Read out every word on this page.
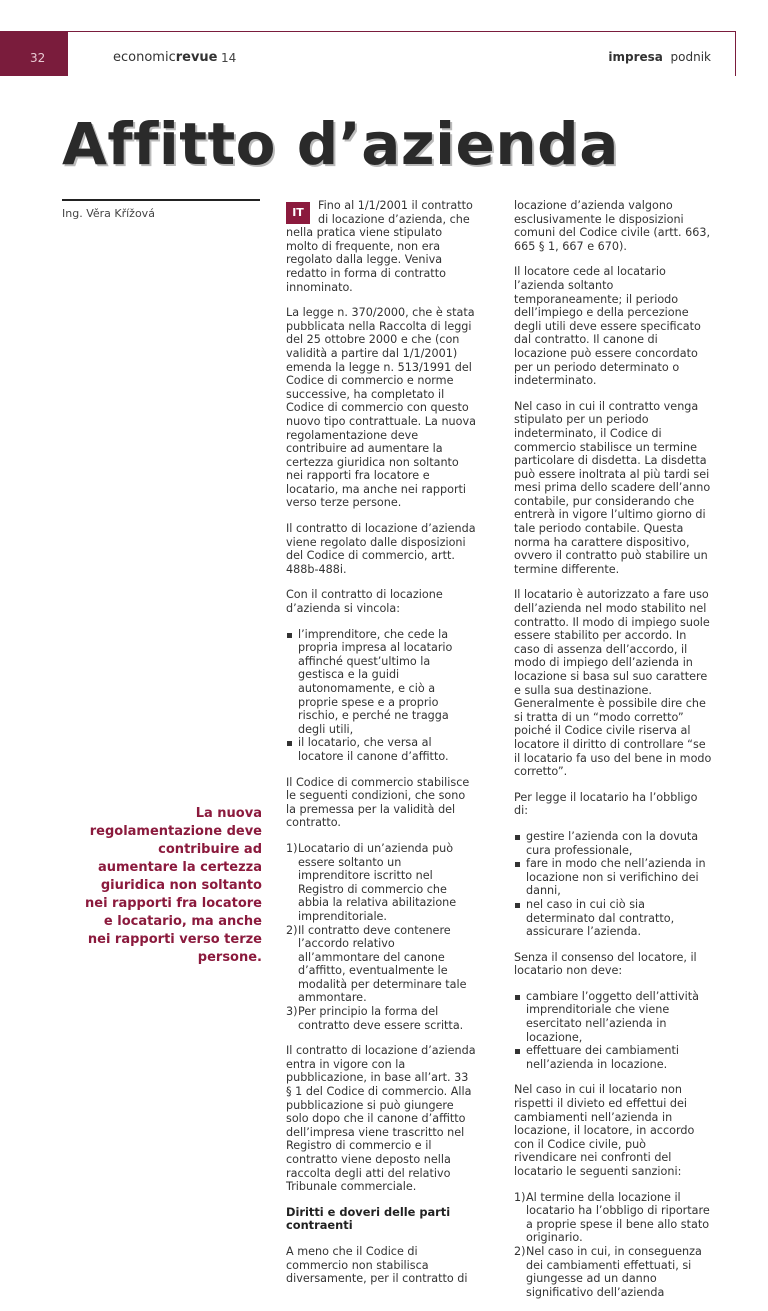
32	economicrevue 14	impresa podnik
Affitto d’azienda
Ing. Věra Křížová
La nuova regolamentazione deve contribuire ad aumentare la certezza giuridica non soltanto nei rapporti fra locatore e locatario, ma anche nei rapporti verso terze persone.

IT
Fino al 1/1/2001 il contratto di locazione d’azienda, che nella pratica viene stipulato molto di frequente, non era regolato dalla legge. Veniva redatto in forma di contratto innominato.

La legge n. 370/2000, che è stata pubblicata nella Raccolta di leggi del 25 ottobre 2000 e che (con validità a partire dal 1/1/2001) emenda la legge n. 513/1991 del Codice di commercio e norme successive, ha completato il Codice di commercio con questo nuovo tipo contrattuale. La nuova regolamentazione deve contribuire ad aumentare la certezza giuridica non soltanto nei rapporti fra locatore e locatario, ma anche nei rapporti verso terze persone.

Il contratto di locazione d’azienda viene regolato dalle disposizioni del Codice di commercio, artt. 488b-488i.

Con il contratto di locazione d’azienda si vincola:

l’imprenditore, che cede la propria impresa al locatario affinché quest’ultimo la gestisca e la guidi autonomamente, e ciò a proprie spese e a proprio rischio, e perché ne tragga degli utili,
il locatario, che versa al locatore il canone d’affitto.

Il Codice di commercio stabilisce le seguenti condizioni, che sono la premessa per la validità del contratto.

1) Locatario di un’azienda può essere soltanto un imprenditore iscritto nel Registro di commercio che abbia la relativa abilitazione imprenditoriale.
2) Il contratto deve contenere l’accordo relativo all’ammontare del canone d’affitto, eventualmente le modalità per determinare tale ammontare.
3) Per principio la forma del contratto deve essere scritta.

Il contratto di locazione d’azienda entra in vigore con la pubblicazione, in base all’art. 33 § 1 del Codice di commercio. Alla pubblicazione si può giungere solo dopo che il canone d’affitto dell’impresa viene trascritto nel Registro di commercio e il contratto viene deposto nella raccolta degli atti del relativo Tribunale commerciale.

Diritti e doveri delle parti contraenti

A meno che il Codice di commercio non stabilisca diversamente, per il contratto di

locazione d’azienda valgono esclusivamente le disposizioni comuni del Codice civile (artt. 663, 665 § 1, 667 e 670).

Il locatore cede al locatario l’azienda soltanto temporaneamente; il periodo dell’impiego e della percezione degli utili deve essere specificato dal contratto. Il canone di locazione può essere concordato per un periodo determinato o indeterminato.

Nel caso in cui il contratto venga stipulato per un periodo indeterminato, il Codice di commercio stabilisce un termine particolare di disdetta. La disdetta può essere inoltrata al più tardi sei mesi prima dello scadere dell’anno contabile, pur considerando che entrerà in vigore l’ultimo giorno di tale periodo contabile. Questa norma ha carattere dispositivo, ovvero il contratto può stabilire un termine differente.

Il locatario è autorizzato a fare uso dell’azienda nel modo stabilito nel contratto. Il modo di impiego suole essere stabilito per accordo. In caso di assenza dell’accordo, il modo di impiego dell’azienda in locazione si basa sul suo carattere e sulla sua destinazione. Generalmente è possibile dire che si tratta di un “modo corretto” poiché il Codice civile riserva al locatore il diritto di controllare “se il locatario fa uso del bene in modo corretto”.

Per legge il locatario ha l’obbligo di:

gestire l’azienda con la dovuta cura professionale,
fare in modo che nell’azienda in locazione non si verifichino dei danni,
nel caso in cui ciò sia determinato dal contratto, assicurare l’azienda.

Senza il consenso del locatore, il locatario non deve:

cambiare l’oggetto dell’attività imprenditoriale che viene esercitato nell’azienda in locazione,
effettuare dei cambiamenti nell’azienda in locazione.

Nel caso in cui il locatario non rispetti il divieto ed effettui dei cambiamenti nell’azienda in locazione, il locatore, in accordo con il Codice civile, può rivendicare nei confronti del locatario le seguenti sanzioni:

1) Al termine della locazione il locatario ha l’obbligo di riportare a proprie spese il bene allo stato originario.
2) Nel caso in cui, in conseguenza dei cambiamenti effettuati, si giungesse ad un danno significativo dell’azienda
